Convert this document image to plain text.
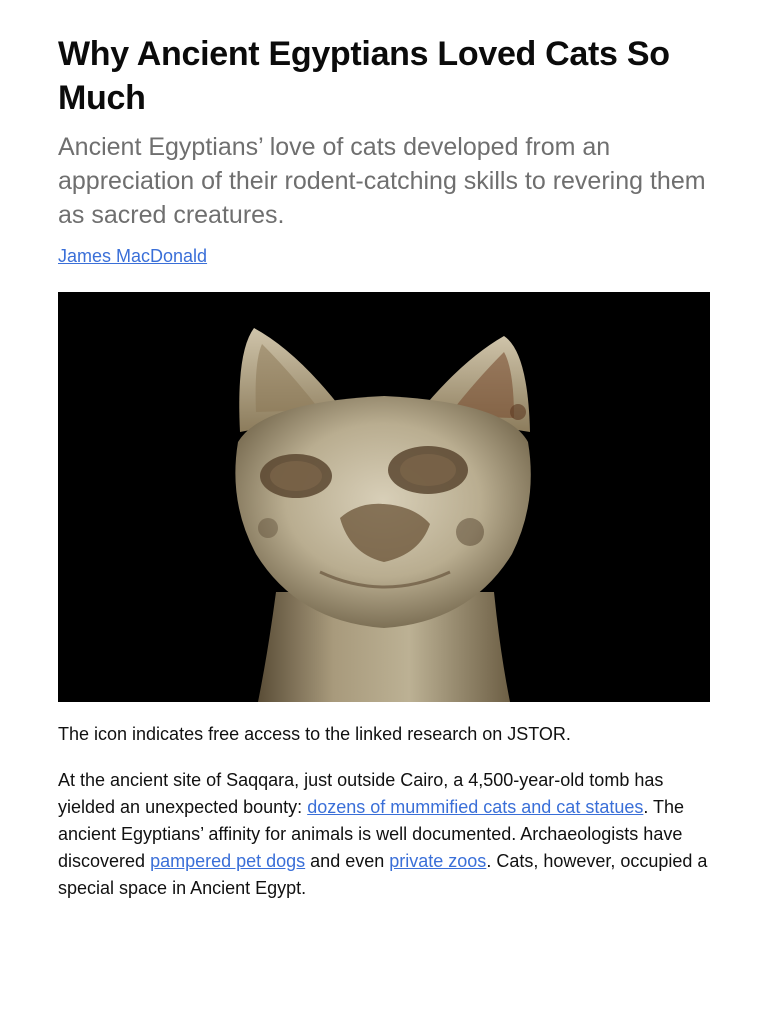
Why Ancient Egyptians Loved Cats So Much

Ancient Egyptians’ love of cats developed from an appreciation of their rodent-catching skills to revering them as sacred creatures.

James MacDonald

The icon indicates free access to the linked research on JSTOR.

At the ancient site of Saqqara, just outside Cairo, a 4,500-year-old tomb has yielded an unexpected bounty: dozens of mummified cats and cat statues. The ancient Egyptians’ affinity for animals is well documented. Archaeologists have discovered pampered pet dogs and even private zoos. Cats, however, occupied a special space in Ancient Egypt.
